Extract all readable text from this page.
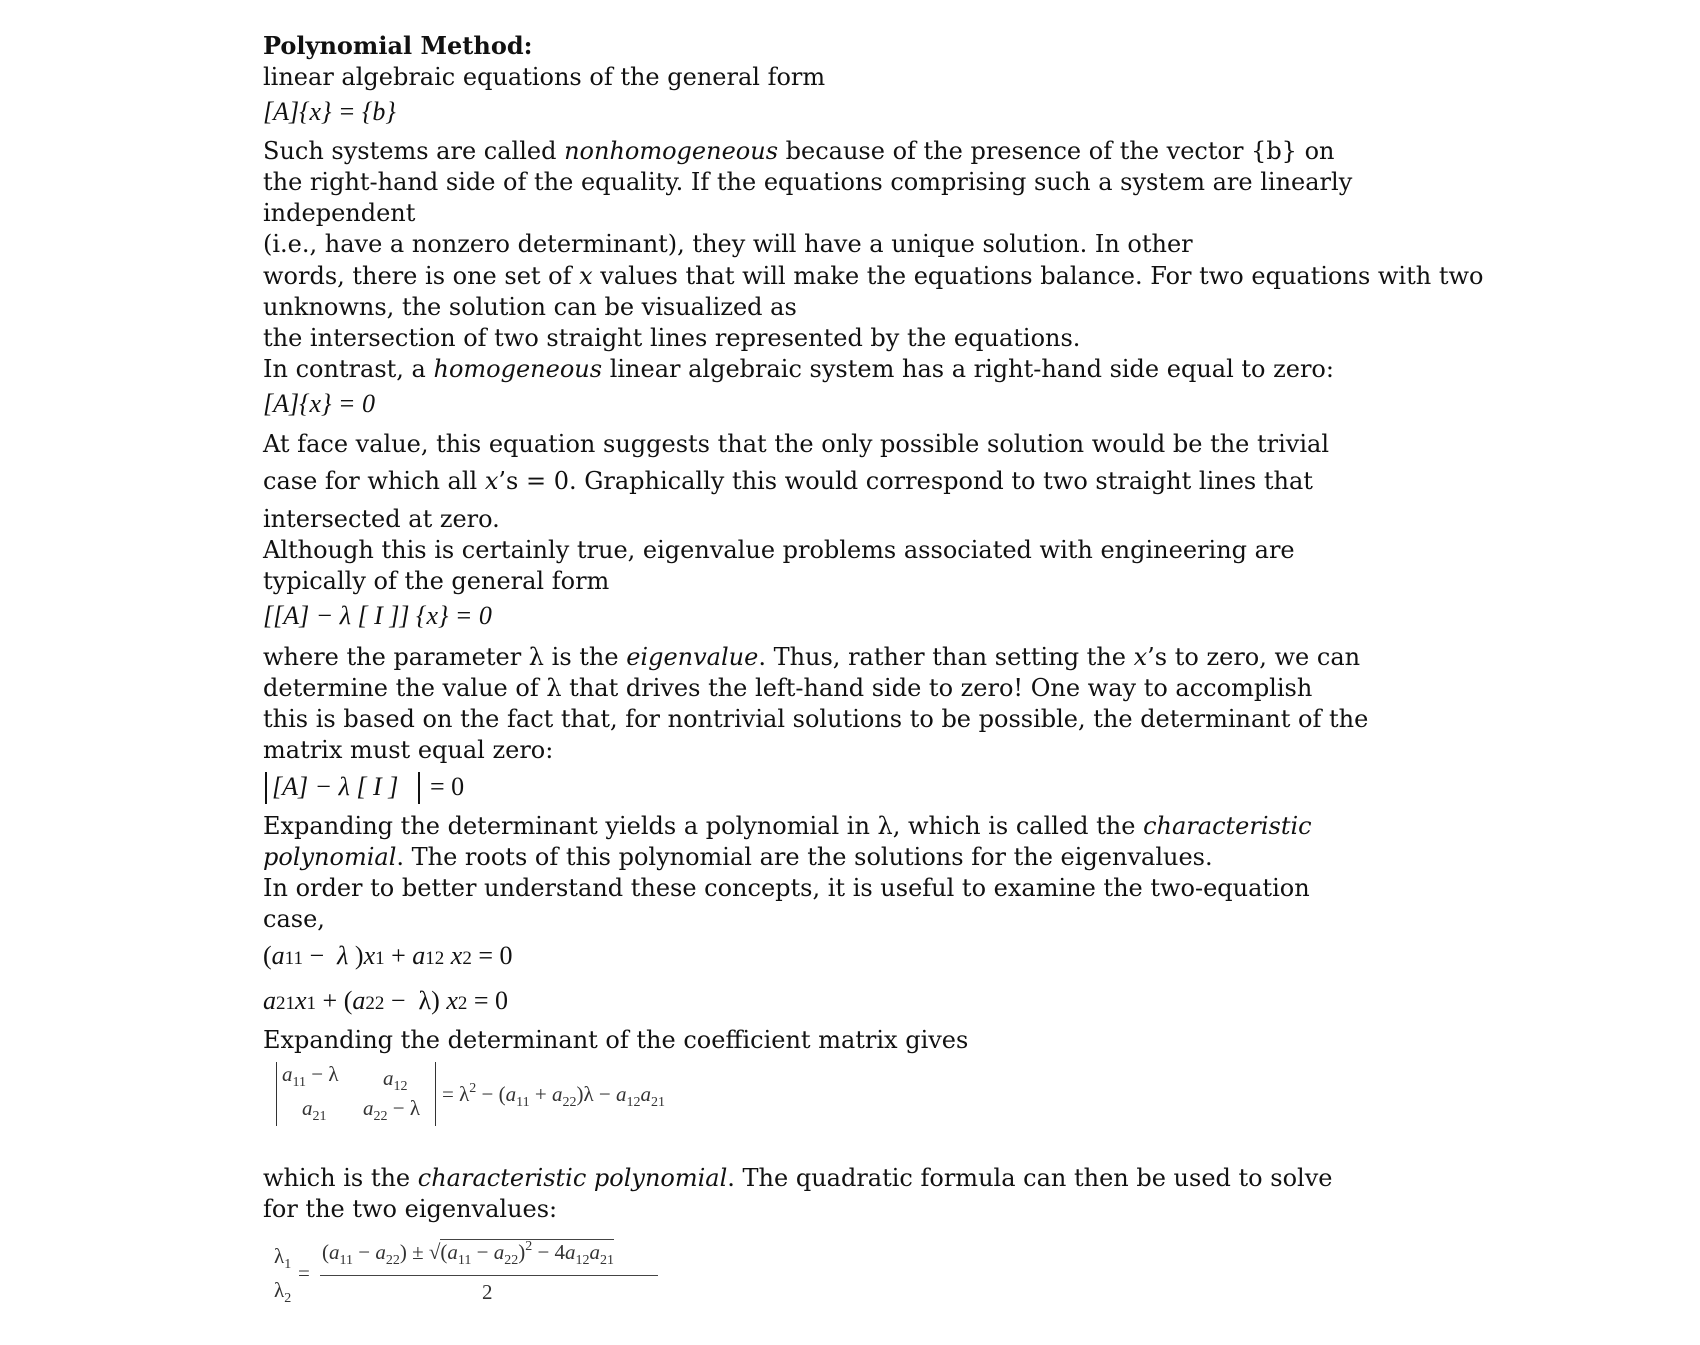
Polynomial Method:
linear algebraic equations of the general form
[A]{x} = {b}
Such systems are called nonhomogeneous because of the presence of the vector {b} on
the right-hand side of the equality. If the equations comprising such a system are linearly
independent
(i.e., have a nonzero determinant), they will have a unique solution. In other
words, there is one set of x values that will make the equations balance. For two equations with two
unknowns, the solution can be visualized as
the intersection of two straight lines represented by the equations.
In contrast, a homogeneous linear algebraic system has a right-hand side equal to zero:
[A]{x} = 0
At face value, this equation suggests that the only possible solution would be the trivial
case for which all x’s = 0. Graphically this would correspond to two straight lines that
intersected at zero.
Although this is certainly true, eigenvalue problems associated with engineering are
typically of the general form
[[A] − λ [ I ]] {x} = 0
where the parameter λ is the eigenvalue. Thus, rather than setting the x’s to zero, we can
determine the value of λ that drives the left-hand side to zero! One way to accomplish
this is based on the fact that, for nontrivial solutions to be possible, the determinant of the
matrix must equal zero:
[A] − λ [ I ] = 0
Expanding the determinant yields a polynomial in λ, which is called the characteristic
polynomial. The roots of this polynomial are the solutions for the eigenvalues.
In order to better understand these concepts, it is useful to examine the two-equation
case,
(a11 −  λ )x1 + a12 x2 = 0
a21x1 + (a22 −  λ) x2 = 0
Expanding the determinant of the coefficient matrix gives
$a_{11} - \lambda$ $a_{12}$
$a_{21}$ $a_{22} - \lambda$
= $\lambda^2 - (a_{11} + a_{22})\lambda - a_{12}a_{21}$
which is the characteristic polynomial. The quadratic formula can then be used to solve
for the two eigenvalues:
$\lambda_1$
$\lambda_2$
=
$(a_{11} - a_{22}) \pm √(a_{11} - a_{22})^2 - 4a_{12}a_{21}$
2
